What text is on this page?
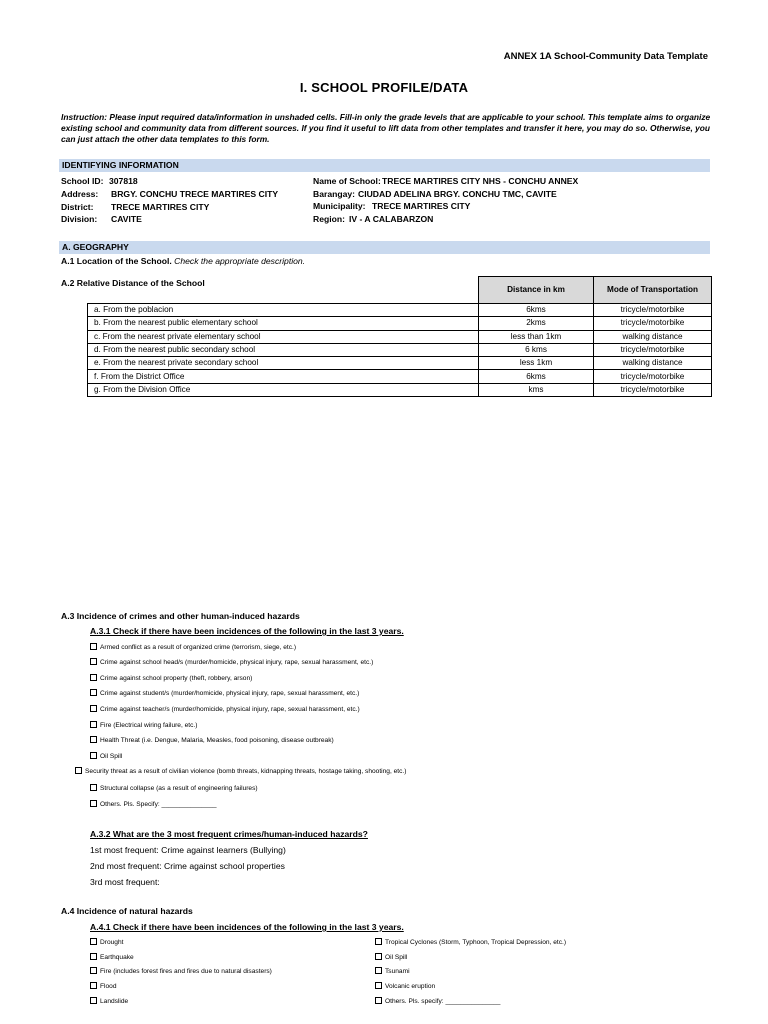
ANNEX 1A School-Community Data Template
I. SCHOOL PROFILE/DATA
Instruction: Please input required data/information in unshaded cells. Fill-in only the grade levels that are applicable to your school. This template aims to organize existing school and community data from different sources. If you find it useful to lift data from other templates and transfer it here, you may do so. Otherwise, you can just attach the other data templates to this form.
IDENTIFYING INFORMATION
School ID: 307818
Address: BRGY. CONCHU TRECE MARTIRES CITY
District: TRECE MARTIRES CITY
Division: CAVITE
Name of School: TRECE MARTIRES CITY NHS - CONCHU ANNEX
Barangay: CIUDAD ADELINA BRGY. CONCHU TMC, CAVITE
Municipality: TRECE MARTIRES CITY
Region: IV - A CALABARZON
A. GEOGRAPHY
A.1 Location of the School. Check the appropriate description.
A.2 Relative Distance of the School
	Distance in km	Mode of Transportation
a. From the poblacion	6kms	tricycle/motorbike
b. From the nearest public elementary school	2kms	tricycle/motorbike
c. From the nearest private elementary school	less than 1km	walking distance
d. From the nearest public secondary school	6 kms	tricycle/motorbike
e. From the nearest private secondary school	less 1km	walking distance
f. From the District Office	6kms	tricycle/motorbike
g. From the Division Office	kms	tricycle/motorbike
A.3 Incidence of crimes and other human-induced hazards
A.3.1 Check if there have been incidences of the following in the last 3 years.
Armed conflict as a result of organized crime (terrorism, siege, etc.)
Crime against school head/s (murder/homicide, physical injury, rape, sexual harassment, etc.)
Crime against school property (theft, robbery, arson)
Crime against student/s (murder/homicide, physical injury, rape, sexual harassment, etc.)
Crime against teacher/s (murder/homicide, physical injury, rape, sexual harassment, etc.)
Fire (Electrical wiring failure, etc.)
Health Threat (i.e. Dengue, Malaria, Measles, food poisoning, disease outbreak)
Oil Spill
Security threat as a result of civilian violence (bomb threats, kidnapping threats, hostage taking, shooting, etc.)
Structural collapse (as a result of engineering failures)
Others. Pls. Specify: _______________
A.3.2 What are the 3 most frequent crimes/human-induced hazards?
1st most frequent: Crime against learners (Bullying)
2nd most frequent: Crime against school properties
3rd most frequent:
A.4 Incidence of natural hazards
A.4.1 Check if there have been incidences of the following in the last 3 years.
Drought
Earthquake
Fire (includes forest fires and fires due to natural disasters)
Flood
Landslide
Tropical Cyclones (Storm, Typhoon, Tropical Depression, etc.)
Oil Spill
Tsunami
Volcanic eruption
Others. Pls. specify: _______________
